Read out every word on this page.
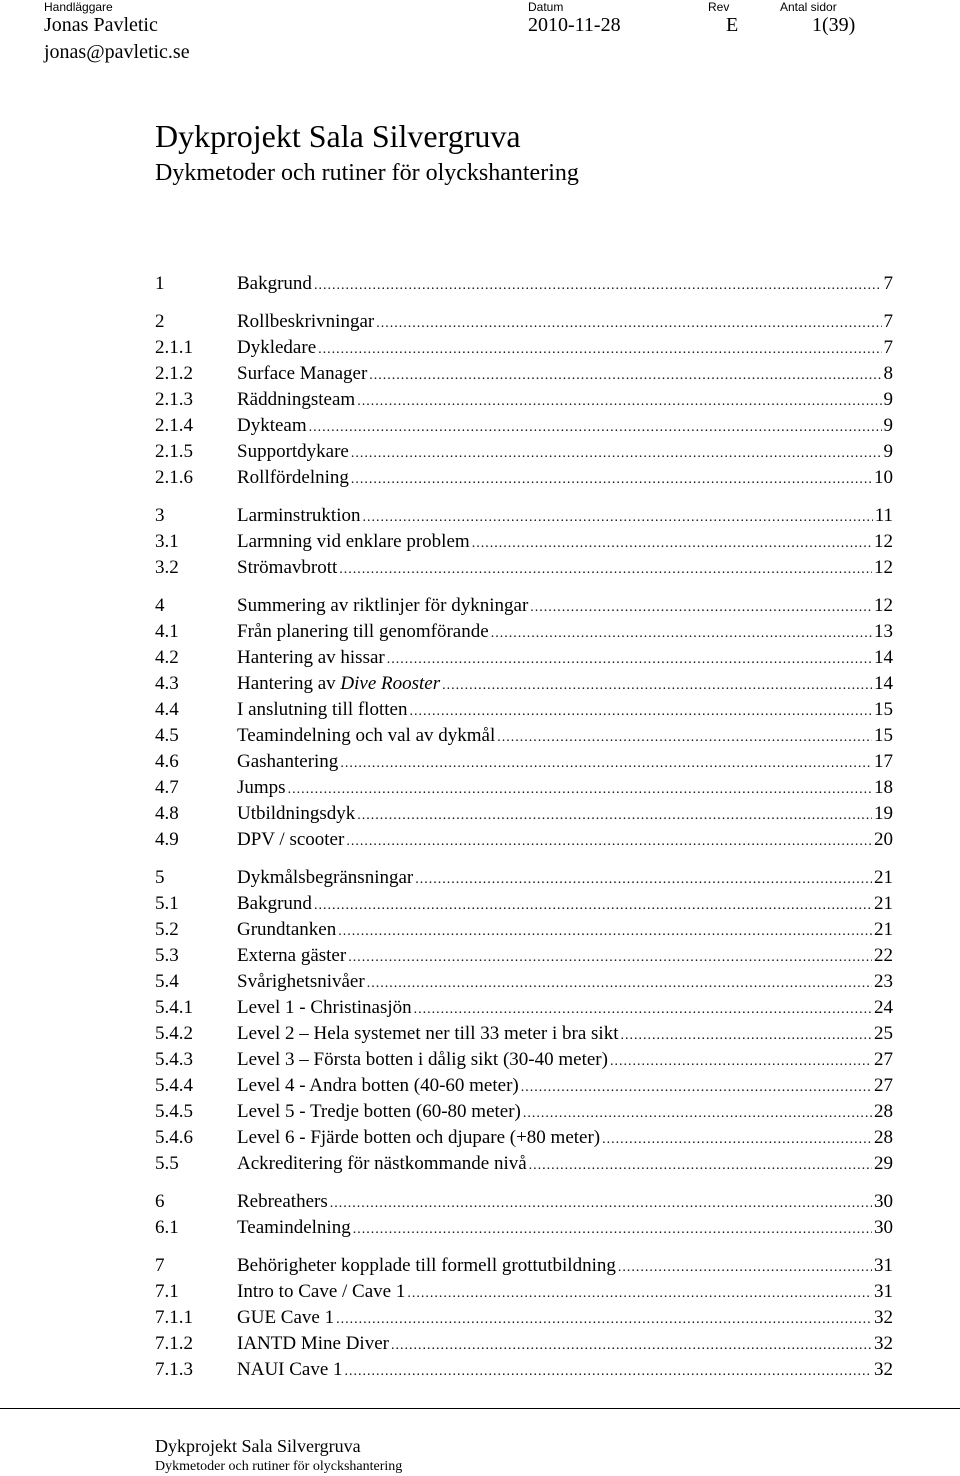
Handläggare	Datum	Rev	Antal sidor
Jonas Pavletic	2010-11-28	E	1(39)
jonas@pavletic.se
Dykprojekt Sala Silvergruva
Dykmetoder och rutiner för olyckshantering
1	Bakgrund .....	7
2	Rollbeskrivningar .....	7
2.1.1	Dykledare .....	7
2.1.2	Surface Manager .....	8
2.1.3	Räddningsteam .....	9
2.1.4	Dykteam .....	9
2.1.5	Supportdykare .....	9
2.1.6	Rollfördelning .....	10
3	Larminstruktion .....	11
3.1	Larmning vid enklare problem .....	12
3.2	Strömavbrott .....	12
4	Summering av riktlinjer för dykningar .....	12
4.1	Från planering till genomförande .....	13
4.2	Hantering av hissar .....	14
4.3	Hantering av Dive Rooster .....	14
4.4	I anslutning till flotten .....	15
4.5	Teamindelning och val av dykmål .....	15
4.6	Gashantering .....	17
4.7	Jumps .....	18
4.8	Utbildningsdyk .....	19
4.9	DPV / scooter .....	20
5	Dykmålsbegränsningar .....	21
5.1	Bakgrund .....	21
5.2	Grundtanken .....	21
5.3	Externa gäster .....	22
5.4	Svårighetsnivåer .....	23
5.4.1	Level 1 - Christinasjön .....	24
5.4.2	Level 2 – Hela systemet ner till 33 meter i bra sikt .....	25
5.4.3	Level 3 – Första botten i dålig sikt (30-40 meter) .....	27
5.4.4	Level 4 - Andra botten (40-60 meter) .....	27
5.4.5	Level 5 - Tredje botten (60-80 meter) .....	28
5.4.6	Level 6 - Fjärde botten och djupare (+80 meter) .....	28
5.5	Ackreditering för nästkommande nivå .....	29
6	Rebreathers .....	30
6.1	Teamindelning .....	30
7	Behörigheter kopplade till formell grottutbildning .....	31
7.1	Intro to Cave / Cave 1 .....	31
7.1.1	GUE Cave 1 .....	32
7.1.2	IANTD Mine Diver .....	32
7.1.3	NAUI Cave 1 .....	32
Dykprojekt Sala Silvergruva
Dykmetoder och rutiner för olyckshantering
